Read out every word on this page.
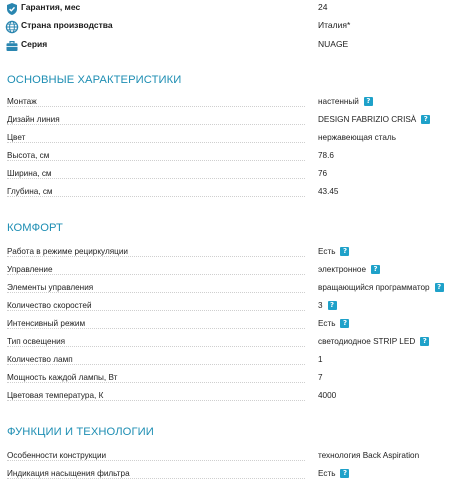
Гарантия, мес	24
Страна производства	Италия*
Серия	NUAGE
ОСНОВНЫЕ ХАРАКТЕРИСТИКИ
Монтаж	настенный	?
Дизайн линия	DESIGN FABRIZIO CRISÀ	?
Цвет	нержавеющая сталь
Высота, см	78.6
Ширина, см	76
Глубина, см	43.45
КОМФОРТ
Работа в режиме рециркуляции	Есть	?
Управление	электронное	?
Элементы управления	вращающийся программатор	?
Количество скоростей	3	?
Интенсивный режим	Есть	?
Тип освещения	светодиодное STRIP LED	?
Количество ламп	1
Мощность каждой лампы, Вт	7
Цветовая температура, К	4000
ФУНКЦИИ И ТЕХНОЛОГИИ
Особенности конструкции	технология Back Aspiration
Индикация насыщения фильтра	Есть	?
